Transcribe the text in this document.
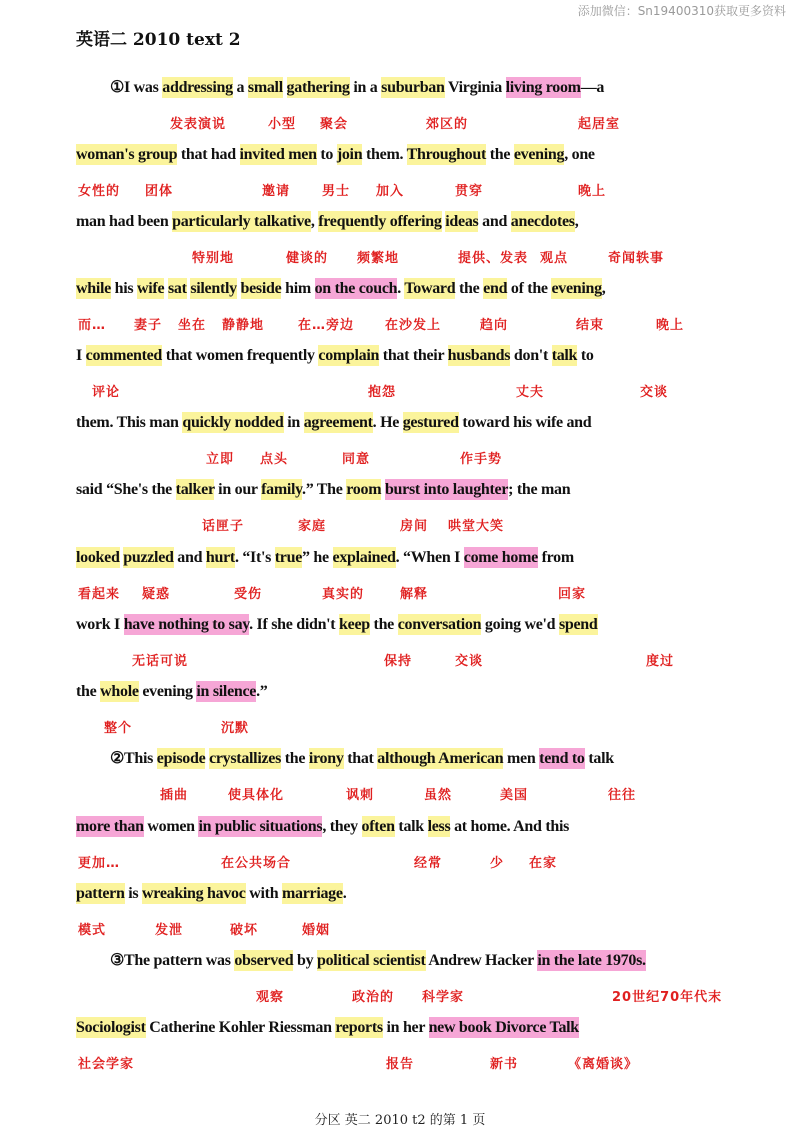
添加微信：Sn19400310获取更多资料
英语二 2010 text 2
①I was addressing a small gathering in a suburban Virginia living room—a
发表演说	小型 聚会	郊区的	起居室
woman's group that had invited men to join them. Throughout the evening, one
女性的 团体	邀请 男士 加入	贯穿	晚上
man had been particularly talkative, frequently offering ideas and anecdotes,
特别地	健谈的 频繁地	提供、发表 观点	奇闻轶事
while his wife sat silently beside him on the couch. Toward the end of the evening,
而… 妻子 坐在 静静地	在…旁边 在沙发上	趋向	结束	晚上
I commented that women frequently complain that their husbands don't talk to
评论	抱怨	丈夫	交谈
them. This man quickly nodded in agreement. He gestured toward his wife and
立即 点头	同意	作手势
said “She's the talker in our family.” The room burst into laughter; the man
话匣子	家庭	房间 哄堂大笑
looked puzzled and hurt. “It's true” he explained. “When I come home from
看起来 疑惑	受伤	真实的	解释	回家
work I have nothing to say. If she didn't keep the conversation going we'd spend
无话可说	保持	交谈	度过
the whole evening in silence.”
整个	沉默
②This episode crystallizes the irony that although American men tend to talk
插曲	使具体化	讽刺	虽然	美国	往往
more than women in public situations, they often talk less at home. And this
更加…	在公共场合	经常	少 在家
pattern is wreaking havoc with marriage.
模式	发泄	破坏	婚姻
③The pattern was observed by political scientist Andrew Hacker in the late 1970s.
观察	政治的 科学家	20世纪70年代末
Sociologist Catherine Kohler Riessman reports in her new book Divorce Talk
社会学家	报告	新书	《离婚谈》
分区 英二 2010 t2 的第 1 页
